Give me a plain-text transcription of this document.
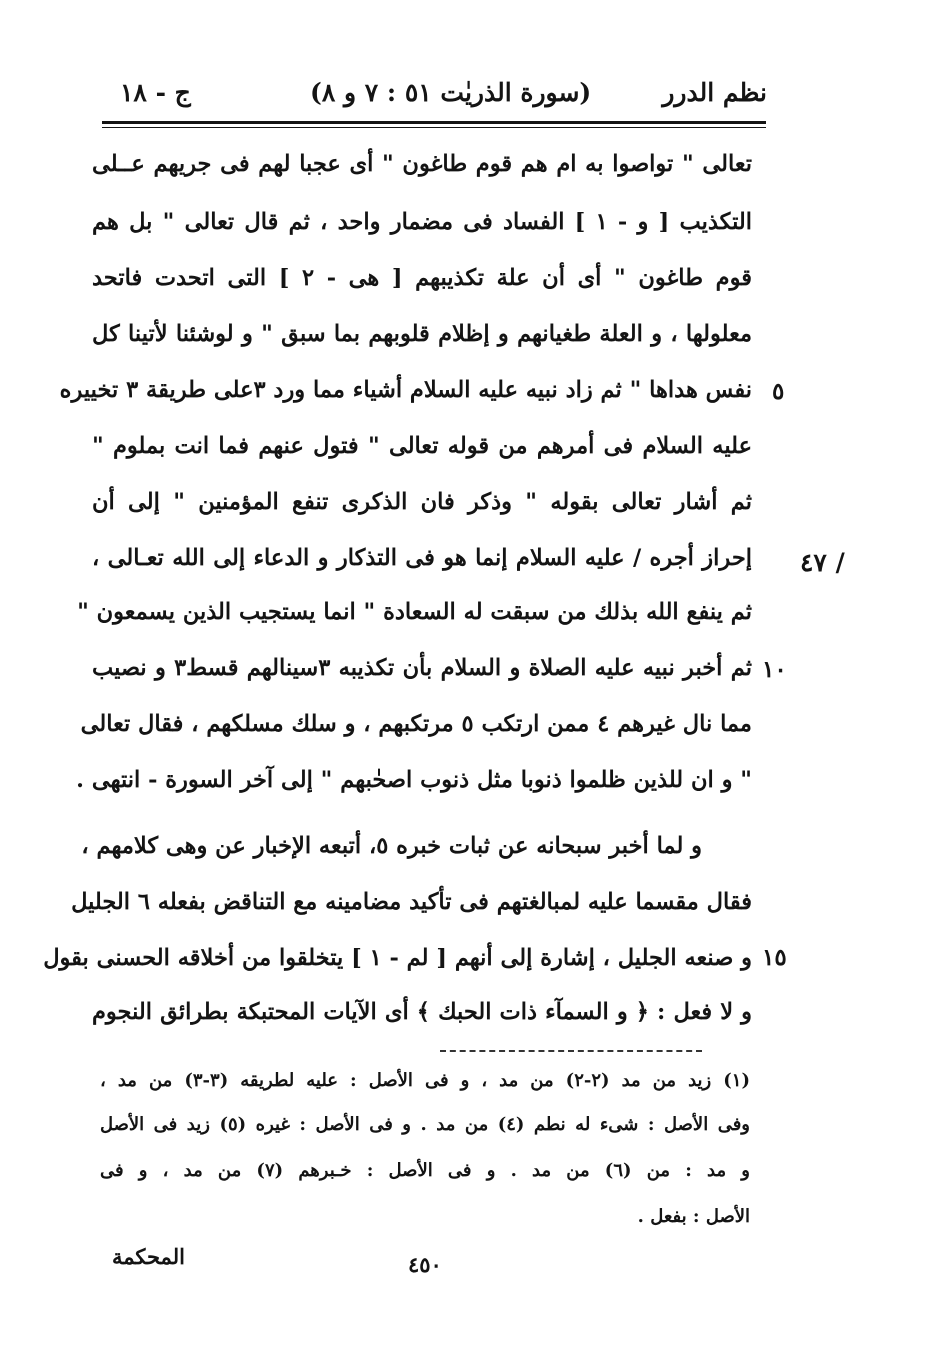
نظم الدرر
(سورة الذريٰت ٥١ : ٧ و ٨)
ج - ١٨
تعالى " تواصوا به ام هم قوم طاغون " أى عجبا لهم فى جريهم عــلى
التكذيب [ و - ١ ] الفساد فى مضمار واحد ، ثم قال تعالى " بل هم
قوم طاغون " أى أن علة تكذيبهم [ هى - ٢ ] التى اتحدت فاتحد
معلولها ، و العلة طغيانهم و إظلام قلوبهم بما سبق " و لوشئنا لأتينا كل
نفس هداها " ثم زاد نبيه عليه السلام أشياء مما ورد ٣على طريقة ٣ تخييره
عليه السلام فى أمرهم من قوله تعالى " فتول عنهم فما انت بملوم "
ثم أشار تعالى بقوله " وذكر فان الذكرى تنفع المؤمنين " إلى أن
إحراز أجره / عليه السلام إنما هو فى التذكار و الدعاء إلى الله تعـالى ،
ثم ينفع الله بذلك من سبقت له السعادة " انما يستجيب الذين يسمعون "
ثم أخبر نبيه عليه الصلاة و السلام بأن تكذيبه ٣سينالهم قسط٣ و نصيب
مما نال غيرهم ٤ ممن ارتكب ٥ مرتكبهم ، و سلك مسلكهم ، فقال تعالى
" و ان للذين ظلموا ذنوبا مثل ذنوب اصحٰبهم " إلى آخر السورة - انتهى .
و لما أخبر سبحانه عن ثبات خبره ٥، أتبعه الإخبار عن وهى كلامهم ،
فقال مقسما عليه لمبالغتهم فى تأكيد مضامينه مع التناقض بفعله ٦ الجليل
و صنعه الجليل ، إشارة إلى أنهم [ لم - ١ ] يتخلقوا من أخلاقه الحسنى بقول
و لا فعل : ﴿ و السمآء ذات الحبك ﴾ أى الآيات المحتبكة بطرائق النجوم
٥
١٠
١٥
٤٧ /
(١) زيد من مد (٢-٢) من مد ، و فى الأصل : عليه لطريقه (٣-٣) من مد ،
وفى الأصل : شىء له نطم (٤) من مد . و فى الأصل : غيره (٥) زيد فى الأصل
و مد : من (٦) من مد . و فى الأصل : خـبرهم (٧) من مد ، و فى
الأصل : بفعل .
٤٥٠
المحكمة
